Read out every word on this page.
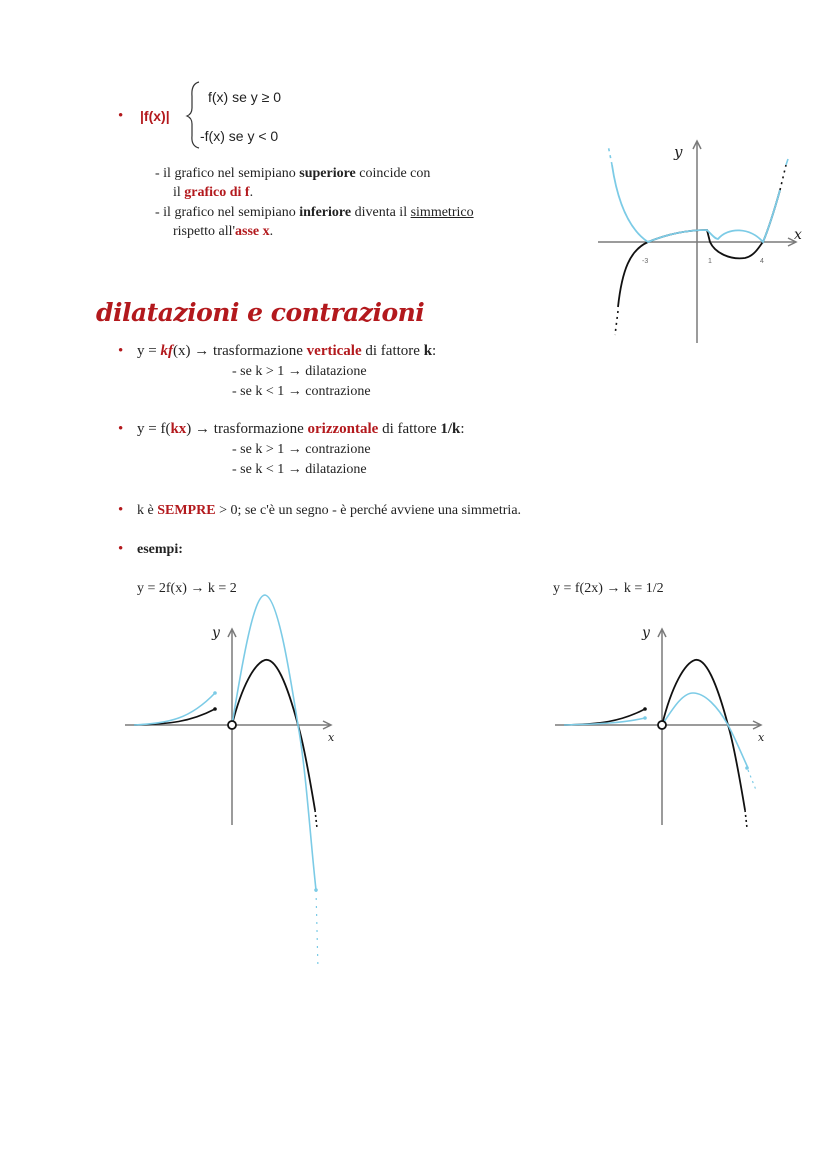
• |f(x)|
f(x) se y ≥ 0
-f(x) se y < 0
- il grafico nel semipiano superiore coincide con
il grafico di f.
- il grafico nel semipiano inferiore diventa il simmetrico
rispetto all'asse x.
y
x
-3	1	4
dilatazioni e contrazioni
• y = kf(x) → trasformazione verticale di fattore k:
- se k > 1 → dilatazione
- se k < 1 → contrazione
• y = f(kx) → trasformazione orizzontale di fattore 1/k:
- se k > 1 → contrazione
- se k < 1 → dilatazione
• k è SEMPRE > 0; se c'è un segno - è perché avviene una simmetria.
• esempi:
y = 2f(x) → k = 2
y
x
y = f(2x) → k = 1/2
y
x
